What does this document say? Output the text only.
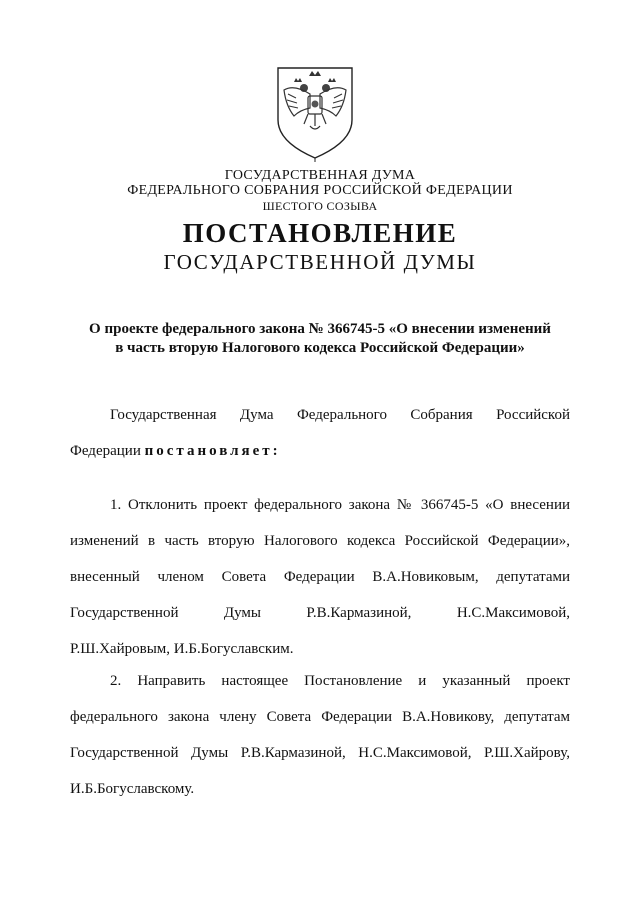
ГОСУДАРСТВЕННАЯ ДУМА
ФЕДЕРАЛЬНОГО СОБРАНИЯ РОССИЙСКОЙ ФЕДЕРАЦИИ
ШЕСТОГО СОЗЫВА
ПОСТАНОВЛЕНИЕ
ГОСУДАРСТВЕННОЙ ДУМЫ
О проекте федерального закона № 366745-5 «О внесении изменений
в часть вторую Налогового кодекса Российской Федерации»
Государственная Дума Федерального Собрания Российской
Федерации постановляет:
1. Отклонить проект федерального закона № 366745-5 «О внесении
изменений в часть вторую Налогового кодекса Российской Федерации»,
внесенный членом Совета Федерации В.А.Новиковым, депутатами
Государственной Думы Р.В.Кармазиной, Н.С.Максимовой,
Р.Ш.Хайровым, И.Б.Богуславским.
2. Направить настоящее Постановление и указанный проект
федерального закона члену Совета Федерации В.А.Новикову, депутатам
Государственной Думы Р.В.Кармазиной, Н.С.Максимовой, Р.Ш.Хайрову,
И.Б.Богуславскому.
